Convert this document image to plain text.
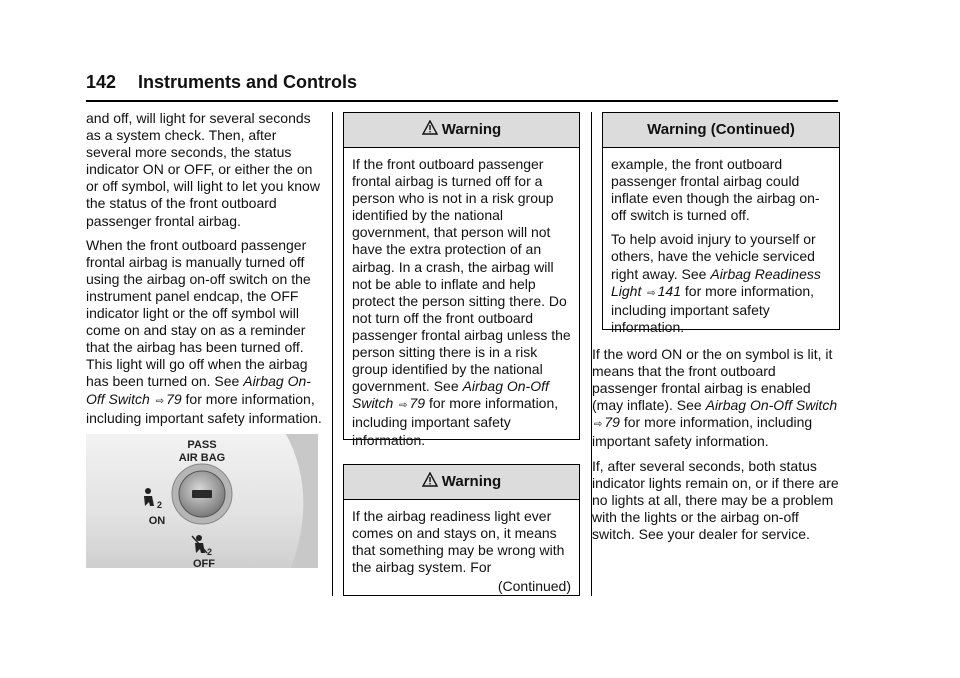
142 Instruments and Controls

and off, will light for several seconds as a system check. Then, after several more seconds, the status indicator ON or OFF, or either the on or off symbol, will light to let you know the status of the front outboard passenger frontal airbag.

When the front outboard passenger frontal airbag is manually turned off using the airbag on-off switch on the instrument panel endcap, the OFF indicator light or the off symbol will come on and stay on as a reminder that the airbag has been turned off. This light will go off when the airbag has been turned on. See Airbag On-Off Switch ⇨ 79 for more information, including important safety information.

PASS
AIR BAG
2
ON
2
OFF
Warning

If the front outboard passenger frontal airbag is turned off for a person who is not in a risk group identified by the national government, that person will not have the extra protection of an airbag. In a crash, the airbag will not be able to inflate and help protect the person sitting there. Do not turn off the front outboard passenger frontal airbag unless the person sitting there is in a risk group identified by the national government. See Airbag On-Off Switch ⇨ 79 for more information, including important safety information.

Warning

If the airbag readiness light ever comes on and stays on, it means that something may be wrong with the airbag system. For

(Continued)
Warning (Continued)

example, the front outboard passenger frontal airbag could inflate even though the airbag on-off switch is turned off.

To help avoid injury to yourself or others, have the vehicle serviced right away. See Airbag Readiness Light ⇨ 141 for more information, including important safety information.

If the word ON or the on symbol is lit, it means that the front outboard passenger frontal airbag is enabled (may inflate). See Airbag On-Off Switch ⇨ 79 for more information, including important safety information.

If, after several seconds, both status indicator lights remain on, or if there are no lights at all, there may be a problem with the lights or the airbag on-off switch. See your dealer for service.
